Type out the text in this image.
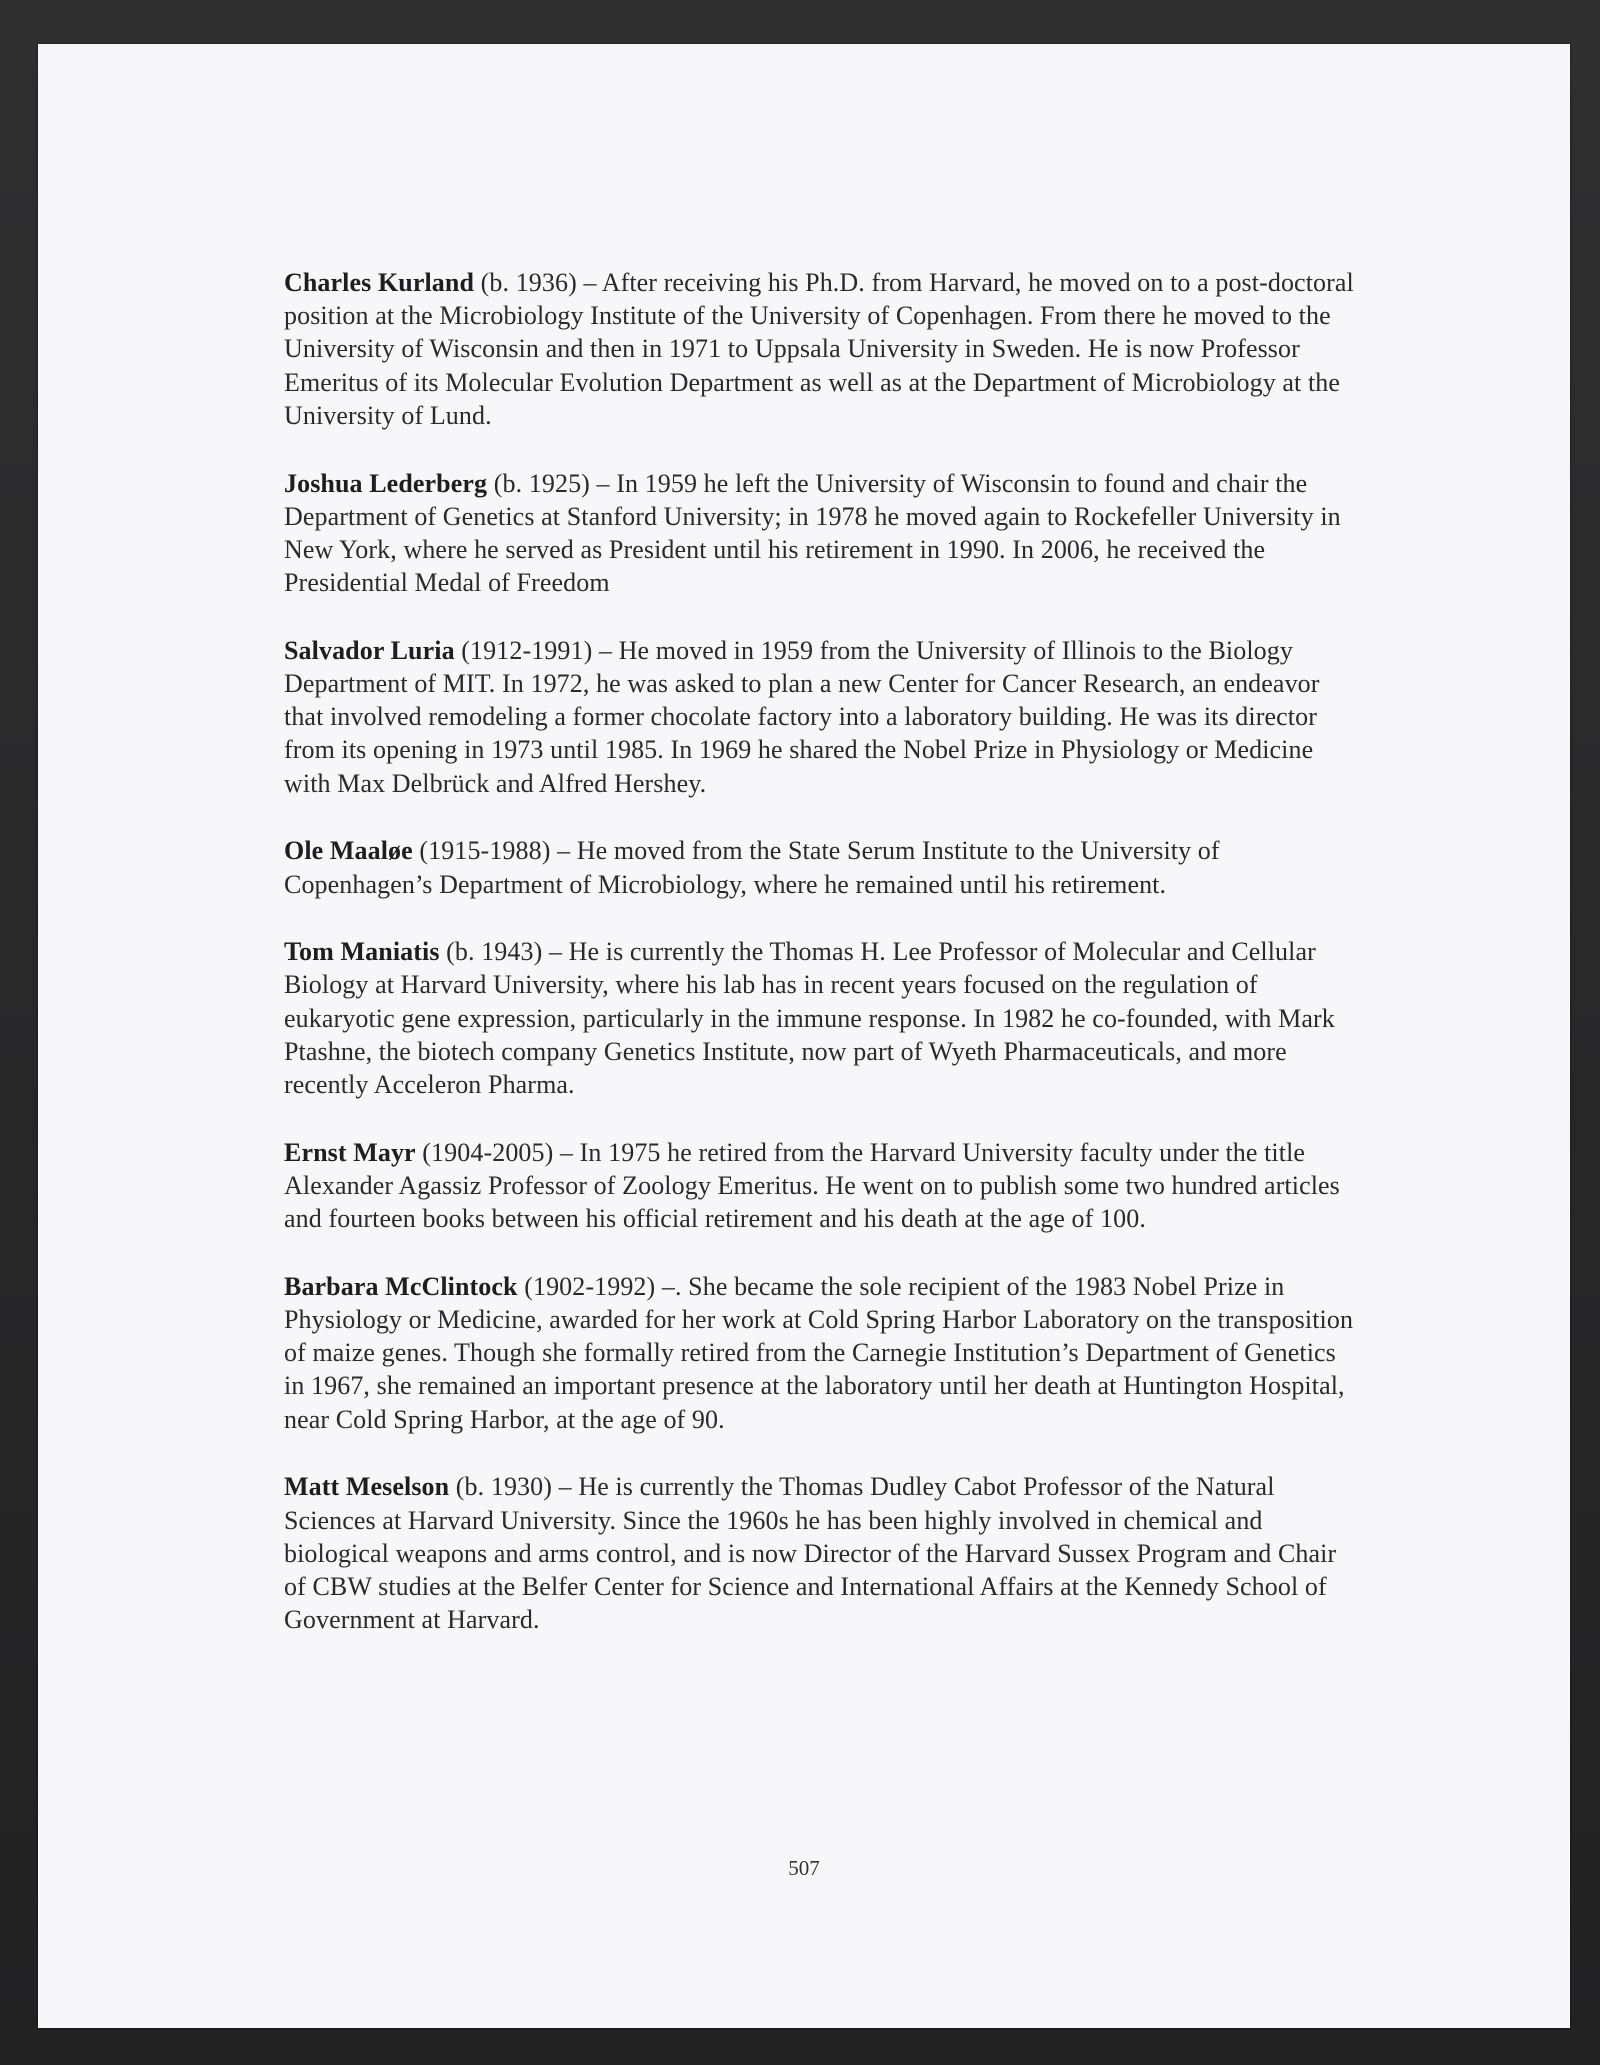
Charles Kurland (b. 1936) – After receiving his Ph.D. from Harvard, he moved on to a post-doctoral position at the Microbiology Institute of the University of Copenhagen. From there he moved to the University of Wisconsin and then in 1971 to Uppsala University in Sweden. He is now Professor Emeritus of its Molecular Evolution Department as well as at the Department of Microbiology at the University of Lund.

Joshua Lederberg (b. 1925) – In 1959 he left the University of Wisconsin to found and chair the Department of Genetics at Stanford University; in 1978 he moved again to Rockefeller University in New York, where he served as President until his retirement in 1990. In 2006, he received the Presidential Medal of Freedom

Salvador Luria (1912-1991) – He moved in 1959 from the University of Illinois to the Biology Department of MIT. In 1972, he was asked to plan a new Center for Cancer Research, an endeavor that involved remodeling a former chocolate factory into a laboratory building. He was its director from its opening in 1973 until 1985. In 1969 he shared the Nobel Prize in Physiology or Medicine with Max Delbrück and Alfred Hershey.

Ole Maaløe (1915-1988) – He moved from the State Serum Institute to the University of Copenhagen’s Department of Microbiology, where he remained until his retirement.

Tom Maniatis (b. 1943) – He is currently the Thomas H. Lee Professor of Molecular and Cellular Biology at Harvard University, where his lab has in recent years focused on the regulation of eukaryotic gene expression, particularly in the immune response. In 1982 he co-founded, with Mark Ptashne, the biotech company Genetics Institute, now part of Wyeth Pharmaceuticals, and more recently Acceleron Pharma.

Ernst Mayr (1904-2005) – In 1975 he retired from the Harvard University faculty under the title Alexander Agassiz Professor of Zoology Emeritus. He went on to publish some two hundred articles and fourteen books between his official retirement and his death at the age of 100.

Barbara McClintock (1902-1992) –. She became the sole recipient of the 1983 Nobel Prize in Physiology or Medicine, awarded for her work at Cold Spring Harbor Laboratory on the transposition of maize genes. Though she formally retired from the Carnegie Institution’s Department of Genetics in 1967, she remained an important presence at the laboratory until her death at Huntington Hospital, near Cold Spring Harbor, at the age of 90.

Matt Meselson (b. 1930) – He is currently the Thomas Dudley Cabot Professor of the Natural Sciences at Harvard University. Since the 1960s he has been highly involved in chemical and biological weapons and arms control, and is now Director of the Harvard Sussex Program and Chair of CBW studies at the Belfer Center for Science and International Affairs at the Kennedy School of Government at Harvard.

507
